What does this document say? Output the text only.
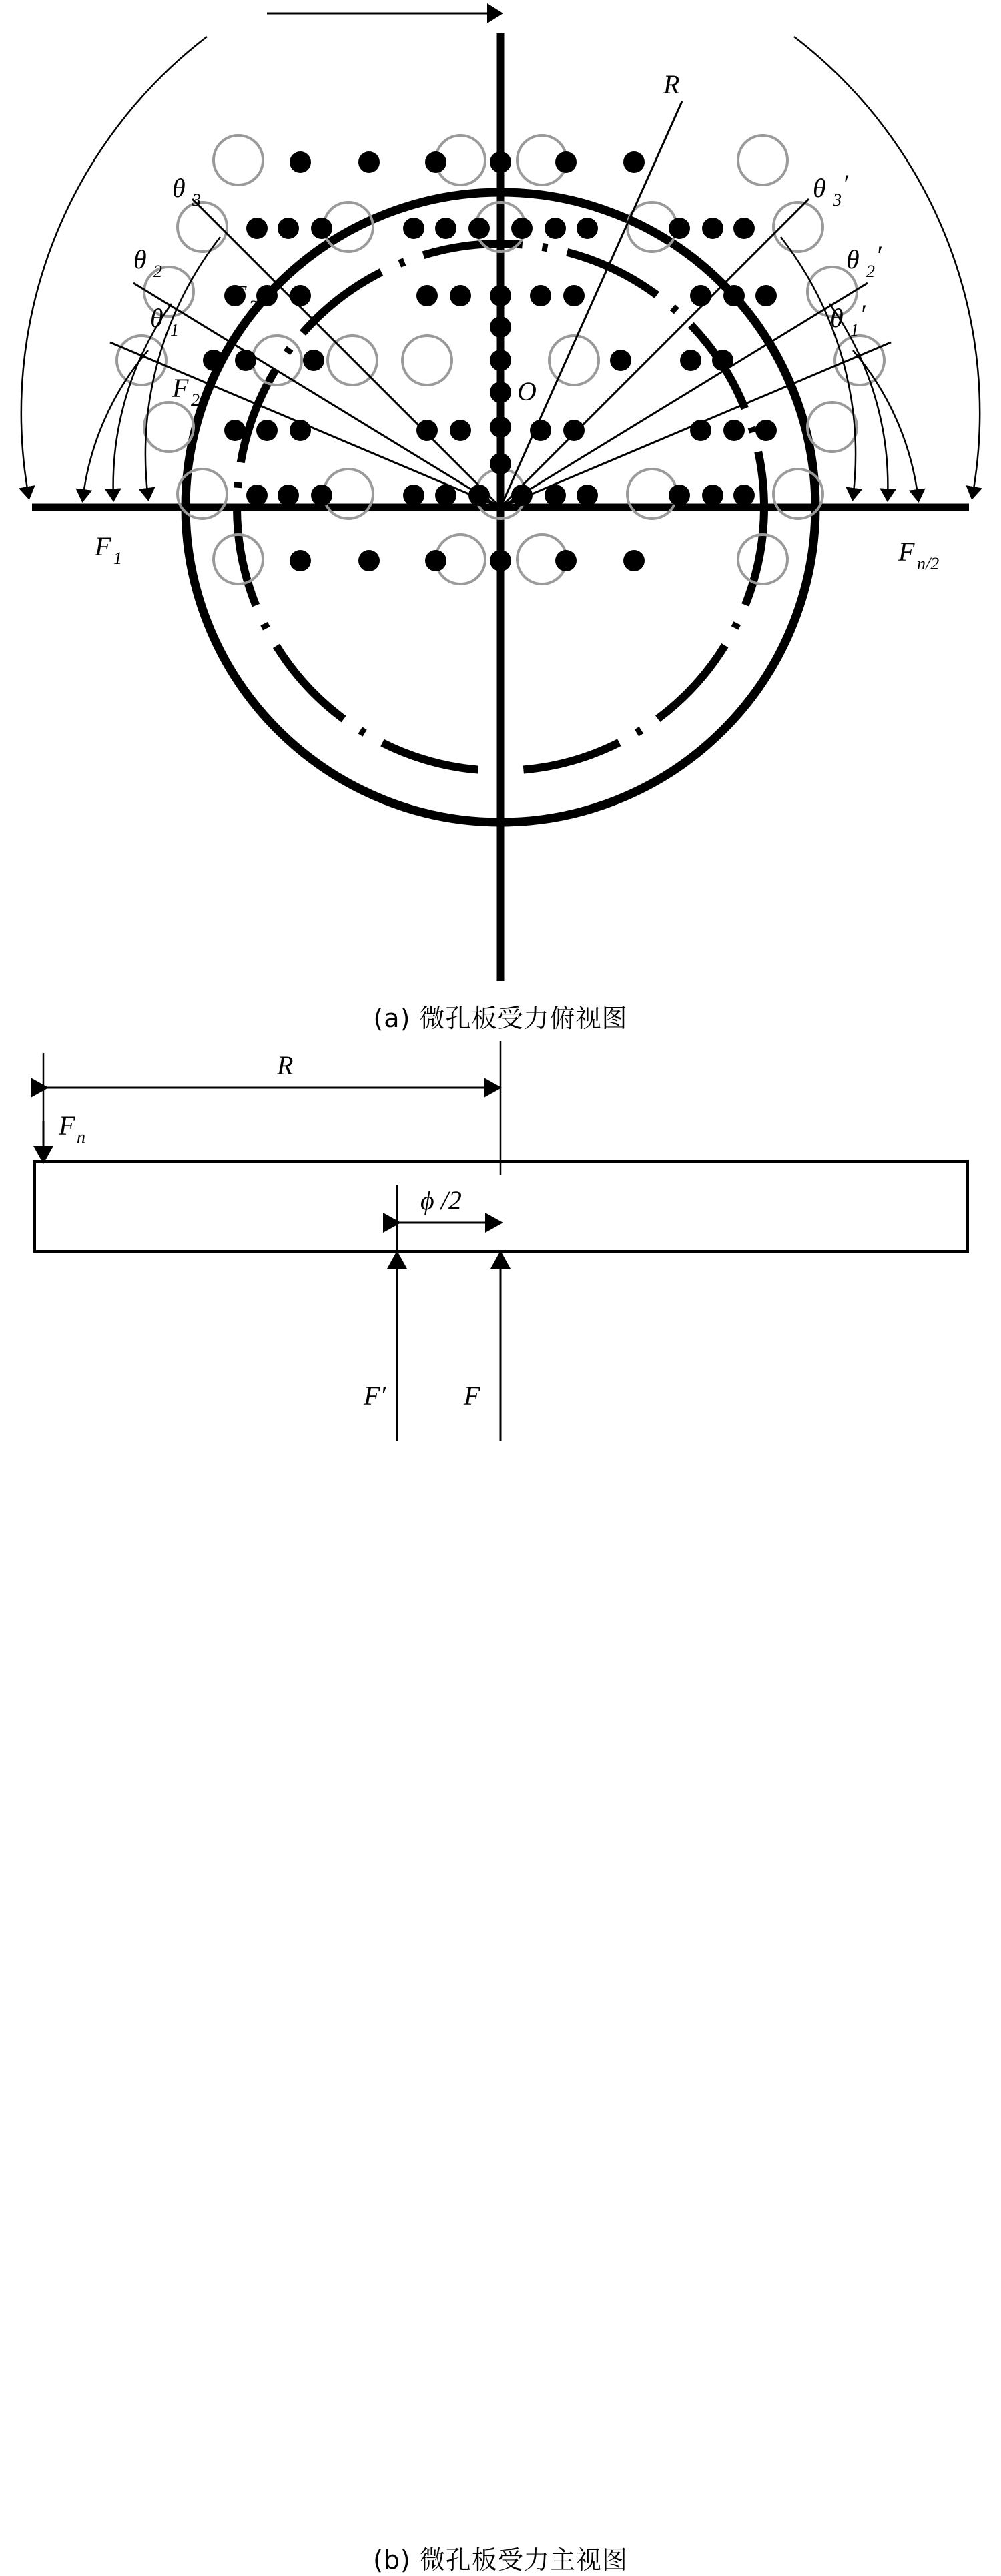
R
O
θ 3
θ 2
θ 1
θ 3
′
θ 2
′
θ 1
′
F 1
F 2
F 3
F n/2
(a) 微孔板受力俯视图
R
F n
ϕ /2
F′	F
(b) 微孔板受力主视图
